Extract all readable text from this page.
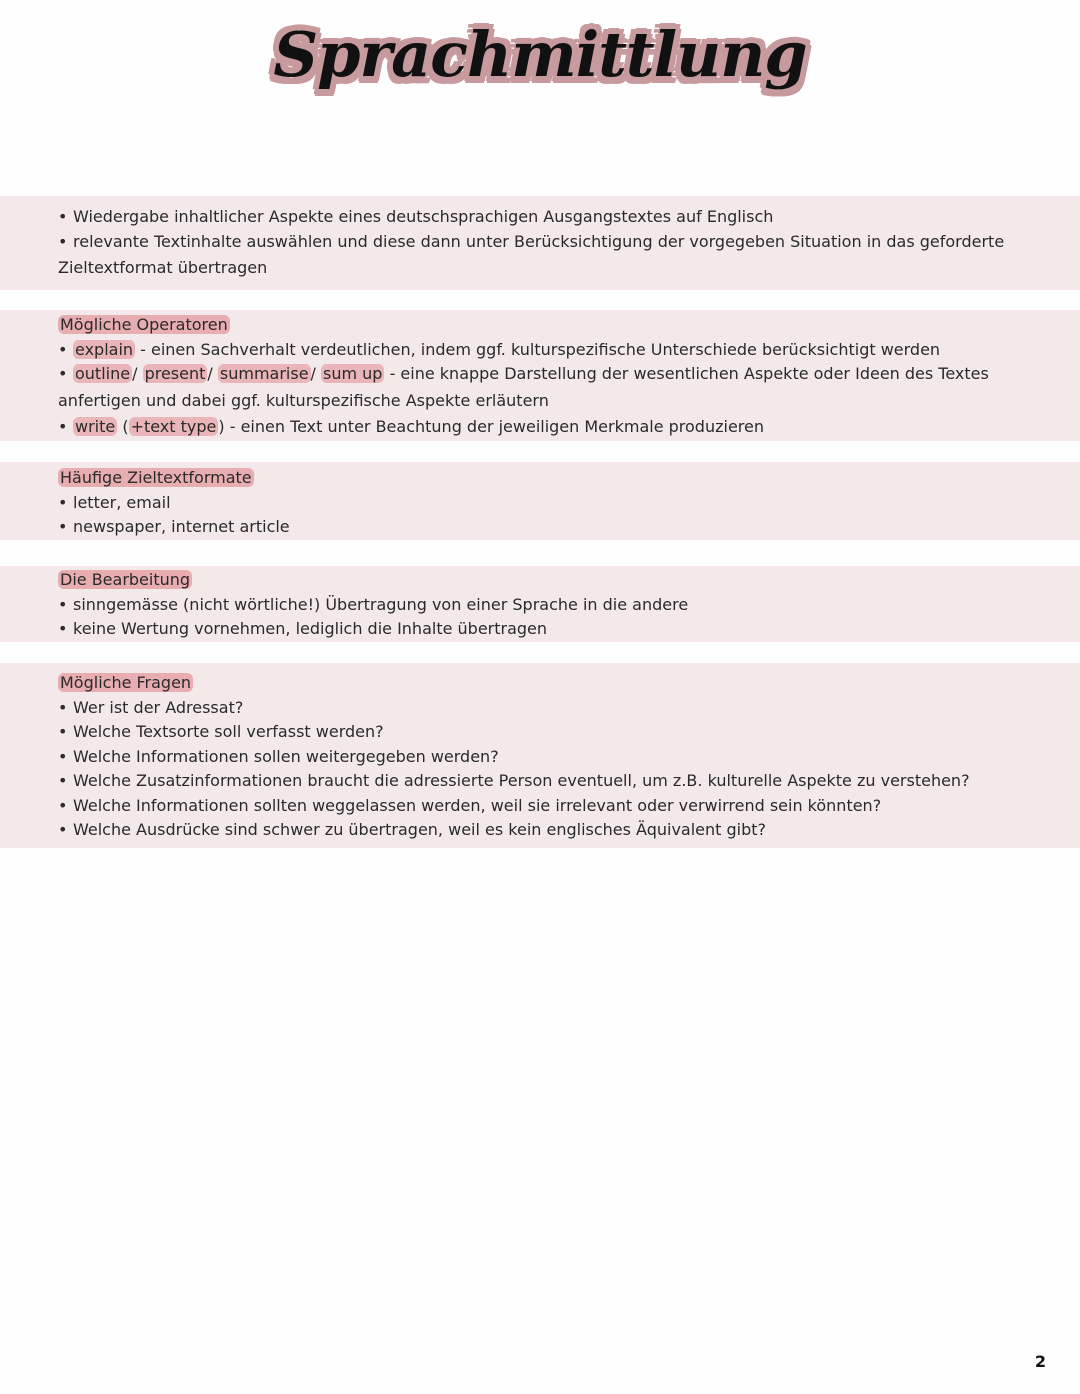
Sprachmittlung
• Wiedergabe inhaltlicher Aspekte eines deutschsprachigen Ausgangstextes auf Englisch
• relevante Textinhalte auswählen und diese dann unter Berücksichtigung der vorgegeben Situation in das geforderte
Zieltextformat übertragen
Mögliche Operatoren
• explain - einen Sachverhalt verdeutlichen, indem ggf. kulturspezifische Unterschiede berücksichtigt werden
• outline / present / summarise / sum up - eine knappe Darstellung der wesentlichen Aspekte oder Ideen des Textes
anfertigen und dabei ggf. kulturspezifische Aspekte erläutern
• write ( +text type ) - einen Text unter Beachtung der jeweiligen Merkmale produzieren
Häufige Zieltextformate
• letter, email
• newspaper, internet article
Die Bearbeitung
• sinngemässe (nicht wörtliche!) Übertragung von einer Sprache in die andere
• keine Wertung vornehmen, lediglich die Inhalte übertragen
Mögliche Fragen
• Wer ist der Adressat?
• Welche Textsorte soll verfasst werden?
• Welche Informationen sollen weitergegeben werden?
• Welche Zusatzinformationen braucht die adressierte Person eventuell, um z.B. kulturelle Aspekte zu verstehen?
• Welche Informationen sollten weggelassen werden, weil sie irrelevant oder verwirrend sein könnten?
• Welche Ausdrücke sind schwer zu übertragen, weil es kein englisches Äquivalent gibt?
2
